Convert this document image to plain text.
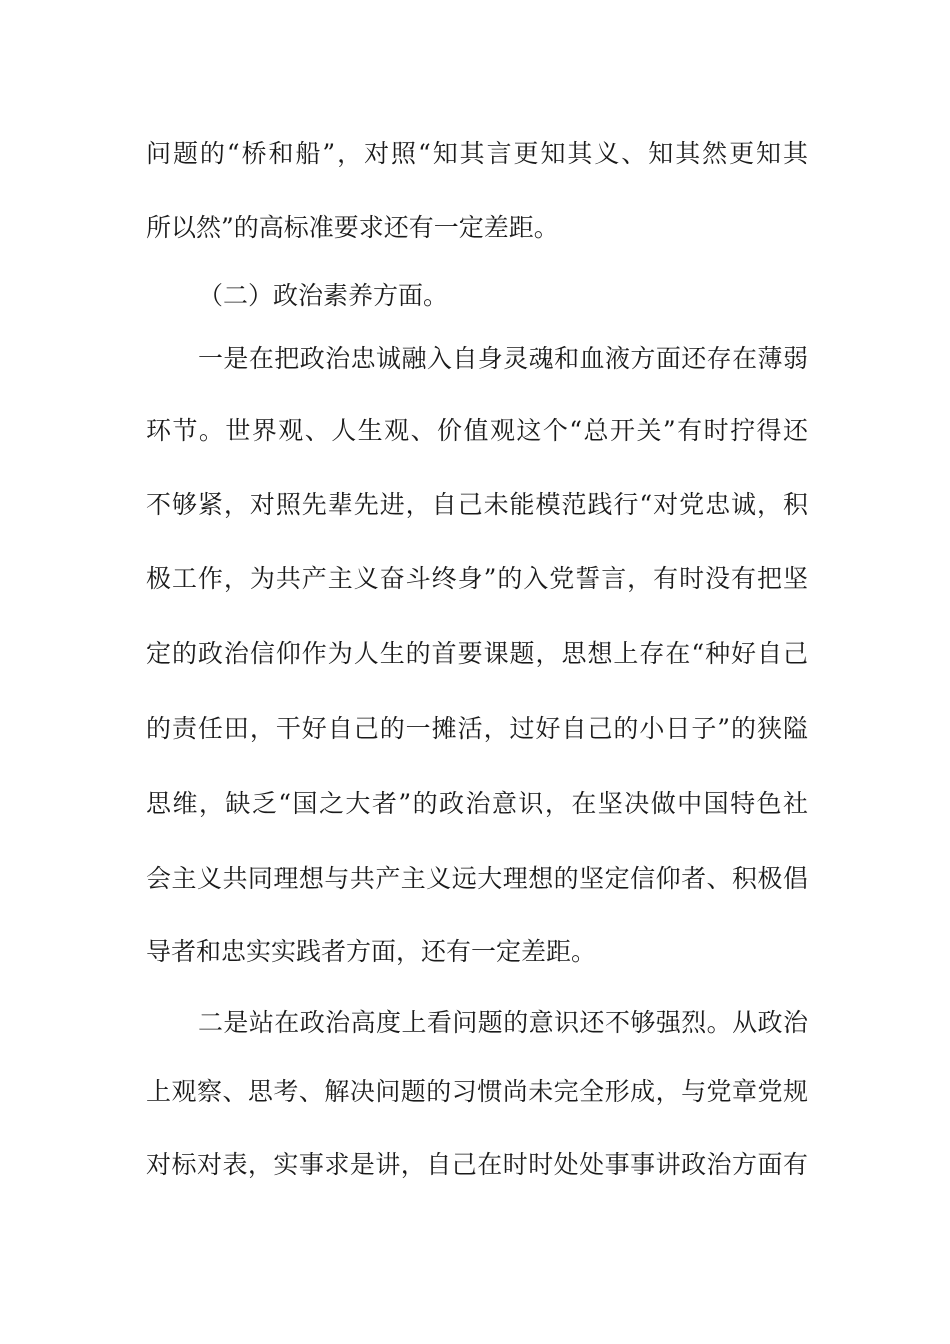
问题的“桥和船”，对照“知其言更知其义、知其然更知其
所以然”的高标准要求还有一定差距。
（二）政治素养方面。
一是在把政治忠诚融入自身灵魂和血液方面还存在薄弱
环节。世界观、人生观、价值观这个“总开关”有时拧得还
不够紧，对照先辈先进，自己未能模范践行“对党忠诚，积
极工作，为共产主义奋斗终身”的入党誓言，有时没有把坚
定的政治信仰作为人生的首要课题，思想上存在“种好自己
的责任田，干好自己的一摊活，过好自己的小日子”的狭隘
思维，缺乏“国之大者”的政治意识，在坚决做中国特色社
会主义共同理想与共产主义远大理想的坚定信仰者、积极倡
导者和忠实实践者方面，还有一定差距。
二是站在政治高度上看问题的意识还不够强烈。从政治
上观察、思考、解决问题的习惯尚未完全形成，与党章党规
对标对表，实事求是讲，自己在时时处处事事讲政治方面有
